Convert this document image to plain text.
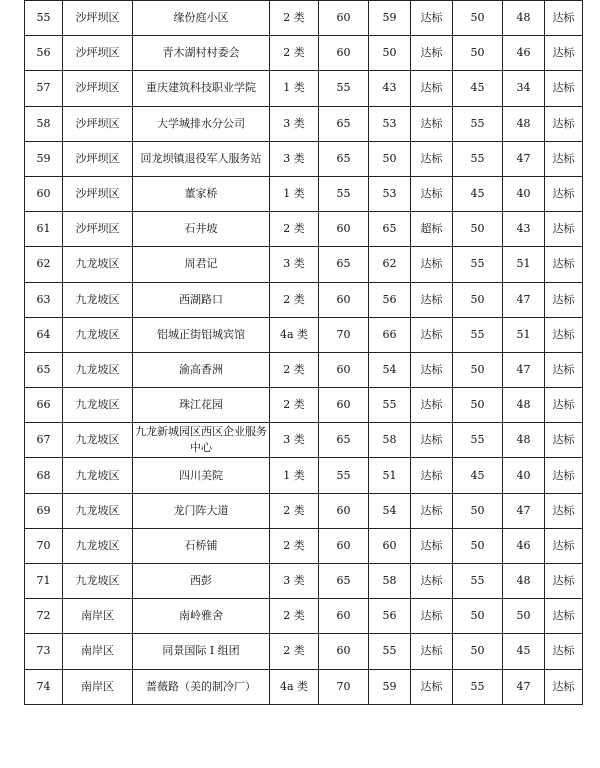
55	沙坪坝区	缘份庭小区	2 类	60	59	达标	50	48	达标
56	沙坪坝区	青木湖村村委会	2 类	60	50	达标	50	46	达标
57	沙坪坝区	重庆建筑科技职业学院	1 类	55	43	达标	45	34	达标
58	沙坪坝区	大学城排水分公司	3 类	65	53	达标	55	48	达标
59	沙坪坝区	回龙坝镇退役军人服务站	3 类	65	50	达标	55	47	达标
60	沙坪坝区	董家桥	1 类	55	53	达标	45	40	达标
61	沙坪坝区	石井坡	2 类	60	65	超标	50	43	达标
62	九龙坡区	周君记	3 类	65	62	达标	55	51	达标
63	九龙坡区	西湖路口	2 类	60	56	达标	50	47	达标
64	九龙坡区	铝城正街铝城宾馆	4a 类	70	66	达标	55	51	达标
65	九龙坡区	渝高香洲	2 类	60	54	达标	50	47	达标
66	九龙坡区	珠江花园	2 类	60	55	达标	50	48	达标
67	九龙坡区	九龙新城园区西区企业服务中心	3 类	65	58	达标	55	48	达标
68	九龙坡区	四川美院	1 类	55	51	达标	45	40	达标
69	九龙坡区	龙门阵大道	2 类	60	54	达标	50	47	达标
70	九龙坡区	石桥铺	2 类	60	60	达标	50	46	达标
71	九龙坡区	西彭	3 类	65	58	达标	55	48	达标
72	南岸区	南岭雅舍	2 类	60	56	达标	50	50	达标
73	南岸区	同景国际 I 组团	2 类	60	55	达标	50	45	达标
74	南岸区	蔷薇路（美的制冷厂）	4a 类	70	59	达标	55	47	达标
